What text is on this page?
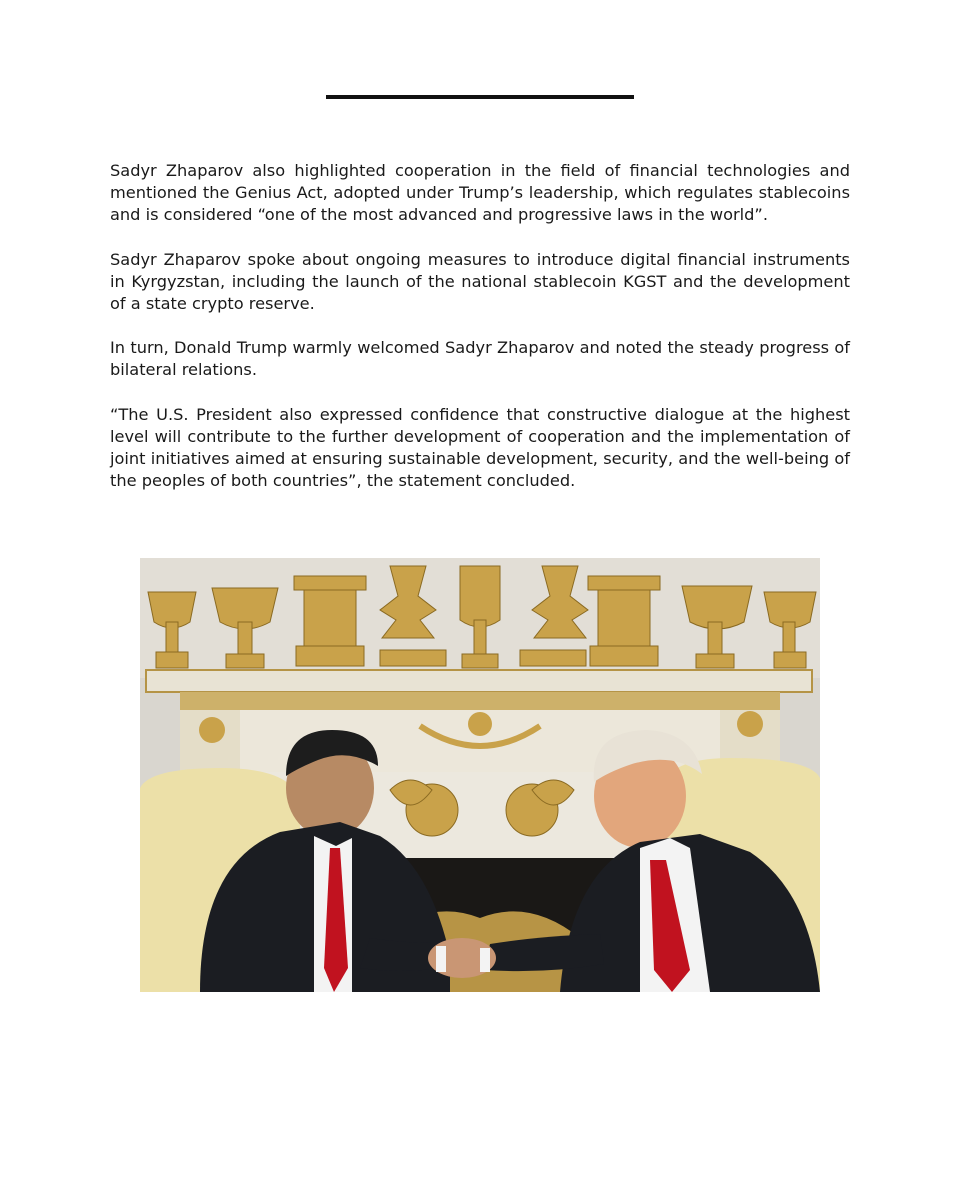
Sadyr Zhaparov also highlighted cooperation in the field of financial technologies and mentioned the Genius Act, adopted under Trump’s leadership, which regulates stablecoins and is considered “one of the most advanced and progressive laws in the world”.

Sadyr Zhaparov spoke about ongoing measures to introduce digital financial instruments in Kyrgyzstan, including the launch of the national stablecoin KGST and the development of a state crypto reserve.

In turn, Donald Trump warmly welcomed Sadyr Zhaparov and noted the steady progress of bilateral relations.

“The U.S. President also expressed confidence that constructive dialogue at the highest level will contribute to the further development of cooperation and the implementation of joint initiatives aimed at ensuring sustainable development, security, and the well-being of the peoples of both countries”, the statement concluded.
